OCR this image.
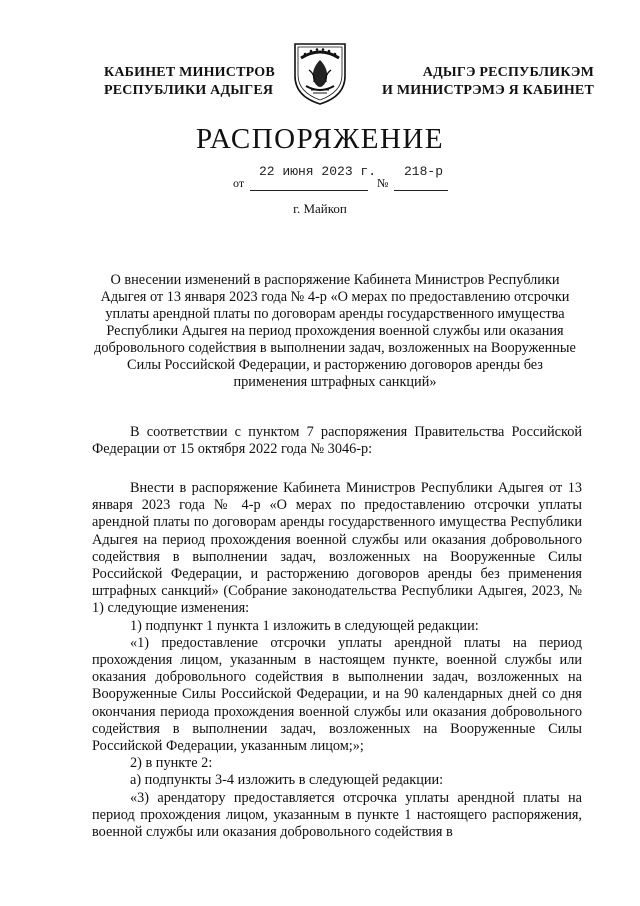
КАБИНЕТ МИНИСТРОВ
РЕСПУБЛИКИ АДЫГЕЯ
АДЫГЭ РЕСПУБЛИКЭМ
И МИНИСТРЭМЭ Я КАБИНЕТ
РАСПОРЯЖЕНИЕ
от
22 июня 2023 г.
№
218-р
г. Майкоп
О внесении изменений в распоряжение Кабинета Министров Республики Адыгея от 13 января 2023 года № 4-р «О мерах по предоставлению отсрочки уплаты арендной платы по договорам аренды государственного имущества Республики Адыгея на период прохождения военной службы или оказания добровольного содействия в выполнении задач, возложенных на Вооруженные Силы Российской Федерации, и расторжению договоров аренды без применения штрафных санкций»

В соответствии с пунктом 7 распоряжения Правительства Российской Федерации от 15 октября 2022 года № 3046-р:

Внести в распоряжение Кабинета Министров Республики Адыгея от 13 января 2023 года № 4-р «О мерах по предоставлению отсрочки уплаты арендной платы по договорам аренды государственного имущества Республики Адыгея на период прохождения военной службы или оказания добровольного содействия в выполнении задач, возложенных на Вооруженные Силы Российской Федерации, и расторжению договоров аренды без применения штрафных санкций» (Собрание законодательства Республики Адыгея, 2023, № 1) следующие изменения:

1) подпункт 1 пункта 1 изложить в следующей редакции:

«1) предоставление отсрочки уплаты арендной платы на период прохождения лицом, указанным в настоящем пункте, военной службы или оказания добровольного содействия в выполнении задач, возложенных на Вооруженные Силы Российской Федерации, и на 90 календарных дней со дня окончания периода прохождения военной службы или оказания добровольного содействия в выполнении задач, возложенных на Вооруженные Силы Российской Федерации, указанным лицом;»;

2) в пункте 2:

а) подпункты 3-4 изложить в следующей редакции:

«3) арендатору предоставляется отсрочка уплаты арендной платы на период прохождения лицом, указанным в пункте 1 настоящего распоряжения, военной службы или оказания добровольного содействия в
